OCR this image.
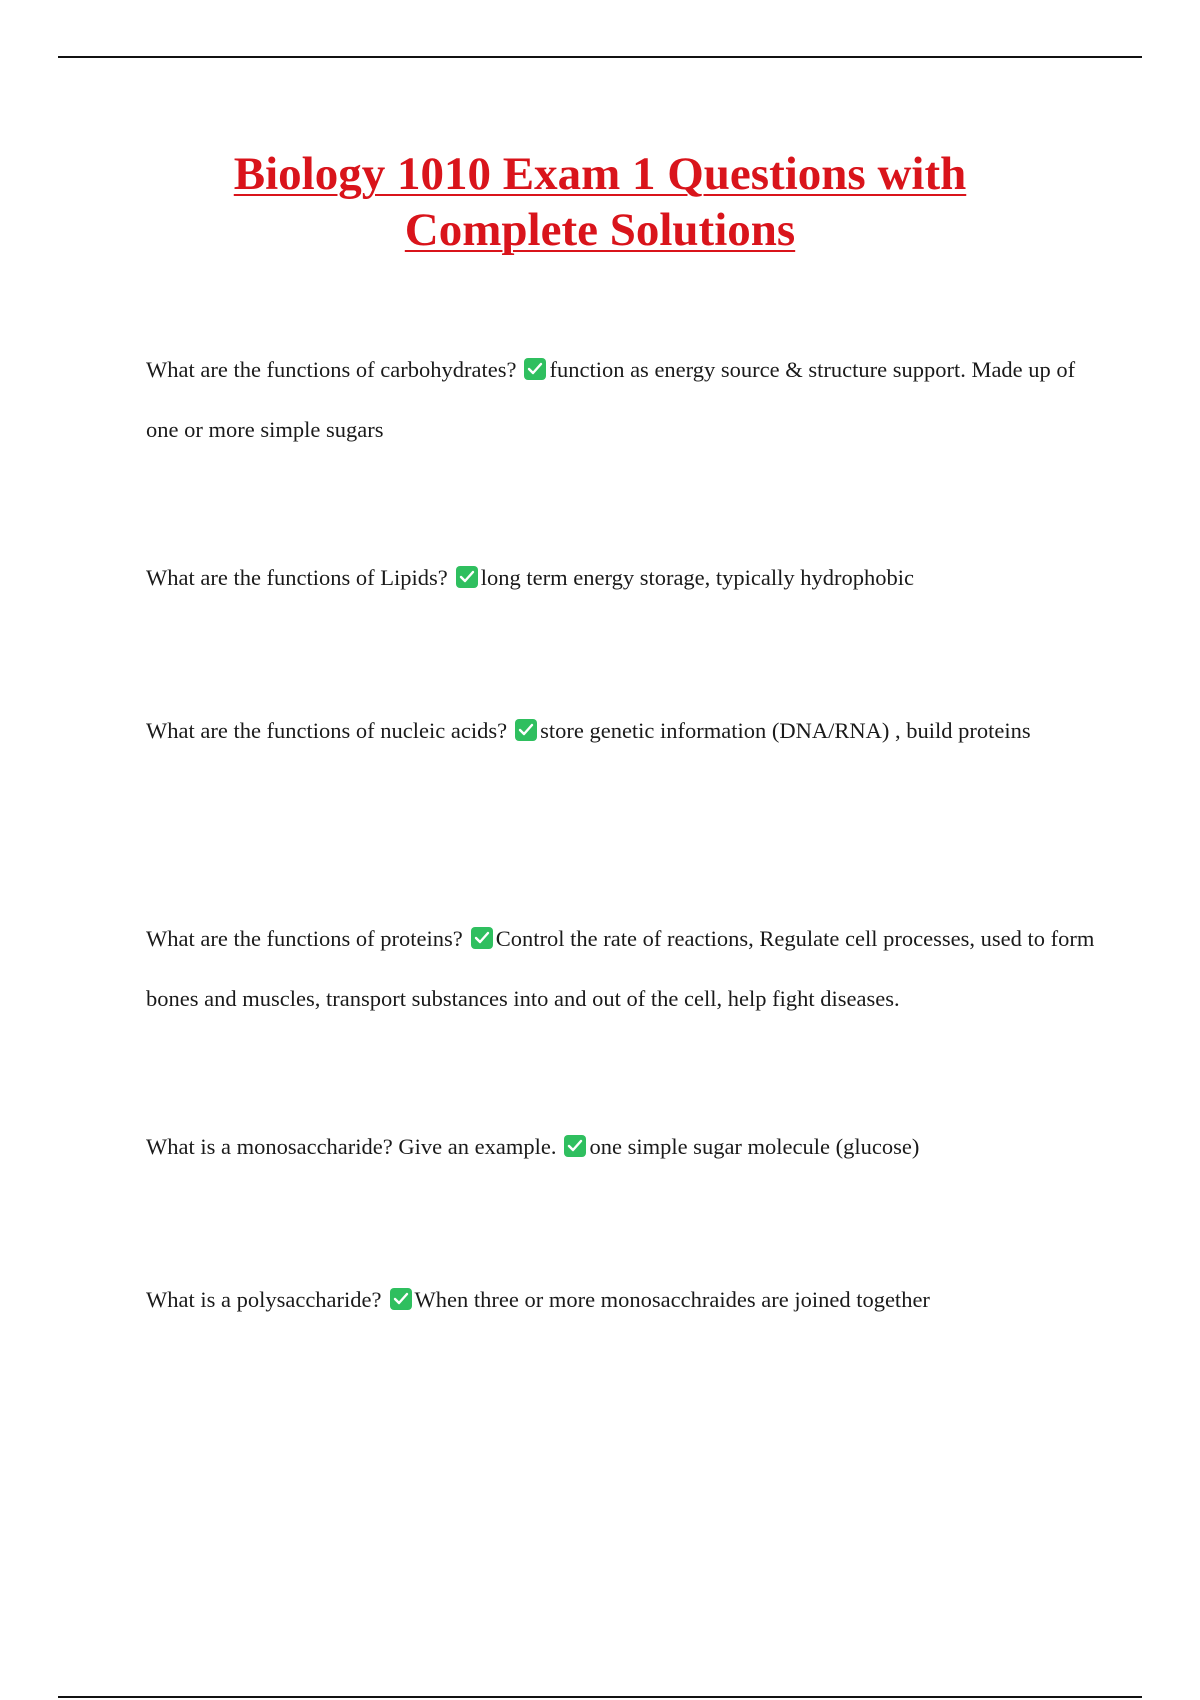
Biology 1010 Exam 1 Questions with
Complete Solutions

What are the functions of carbohydrates? function as energy source & structure support. Made up of one or more simple sugars

What are the functions of Lipids? long term energy storage, typically hydrophobic

What are the functions of nucleic acids? store genetic information (DNA/RNA) , build proteins

What are the functions of proteins? Control the rate of reactions, Regulate cell processes, used to form bones and muscles, transport substances into and out of the cell, help fight diseases.

What is a monosaccharide? Give an example. one simple sugar molecule (glucose)

What is a polysaccharide? When three or more monosacchraides are joined together
